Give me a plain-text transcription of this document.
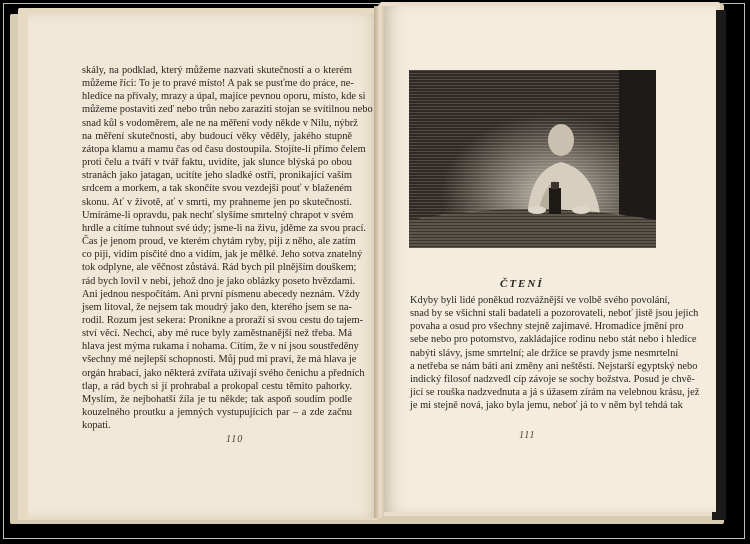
skály, na podklad, který můžeme nazvati skutečností a o kterém
můžeme říci: To je to pravé místo! A pak se pusťme do práce, ne-
hledíce na přívaly, mrazy a úpal, majíce pevnou oporu, místo, kde si
můžeme postaviti zeď nebo trůn nebo zaraziti stojan se svítilnou nebo
snad kůl s vodoměrem, ale ne na měření vody někde v Nilu, nýbrž
na měření skutečnosti, aby budoucí věky věděly, jakého stupně
zátopa klamu a mamu čas od času dostoupila. Stojíte-li přímo čelem
proti čelu a tváří v tvář faktu, uvidíte, jak slunce blýská po obou
stranách jako jatagan, ucítíte jeho sladké ostří, pronikající vaším
srdcem a morkem, a tak skončíte svou vezdejší pouť v blaženém
skonu. Ať v životě, ať v smrti, my prahneme jen po skutečnosti.
Umíráme-li opravdu, pak nechť slyšíme smrtelný chrapot v svém
hrdle a cítíme tuhnout své údy; jsme-li na živu, jděme za svou prací.
Čas je jenom proud, ve kterém chytám ryby, piji z něho, ale zatím
co piji, vidím písčité dno a vidím, jak je mělké. Jeho sotva znatelný
tok odplyne, ale věčnost zůstává. Rád bych pil plnějším douškem;
rád bych lovil v nebi, jehož dno je jako oblázky poseto hvězdami.
Ani jednou nespočítám. Ani první písmenu abecedy neznám. Vždy
jsem litoval, že nejsem tak moudrý jako den, kterého jsem se na-
rodil. Rozum jest sekera: Proniknе a proraží si svou cestu do tajem-
ství věcí. Nechci, aby mé ruce byly zaměstnanější než třeba. Má
hlava jest mýma rukama i nohama. Cítím, že v ní jsou soustředěny
všechny mé nejlepší schopnosti. Můj pud mi praví, že má hlava je
orgán hrabací, jako některá zvířata užívají svého čenichu a předních
tlap, a rád bych si jí prohrabal a prokopal cestu těmito pahorky.
Myslím, že nejbohatší žíla je tu někde; tak aspoň soudím podle
kouzelného proutku a jemných vystupujících par – a zde začnu
kopati.
110
ČTENÍ
Kdyby byli lidé poněkud rozvážnější ve volbě svého povolání,
snad by se všichni stali badateli a pozorovateli, neboť jistě jsou jejich
povaha a osud pro všechny stejně zajímavé. Hromadíce jmění pro
sebe nebo pro potomstvo, zakládajíce rodinu nebo stát nebo i hledíce
nabýti slávy, jsme smrtelní; ale držíce se pravdy jsme nesmrtelní
a netřeba se nám báti ani změny ani neštěstí. Nejstarší egyptský nebo
indický filosof nadzvedl cíp závoje se sochy božstva. Posud je chvě-
jící se rouška nadzvednuta a já s úžasem zírám na velebnou krásu, jež
je mi stejně nová, jako byla jemu, neboť já to v něm byl tehdá tak
111
